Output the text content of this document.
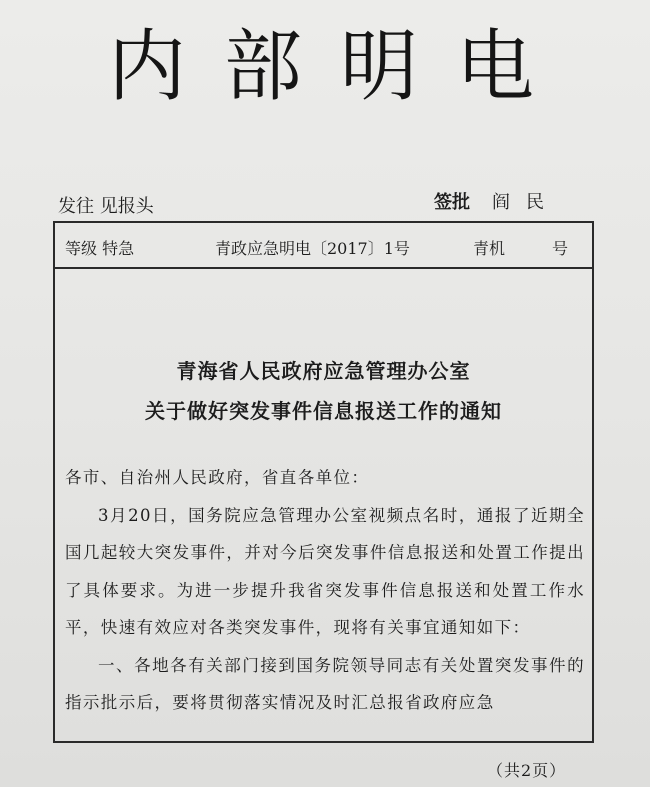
内部明电
发往 见报头	签批 阎民
等级 特急	青政应急明电〔2017〕1号	青机	号
青海省人民政府应急管理办公室
关于做好突发事件信息报送工作的通知

各市、自治州人民政府，省直各单位：

3月20日，国务院应急管理办公室视频点名时，通报了近期全国几起较大突发事件，并对今后突发事件信息报送和处置工作提出了具体要求。为进一步提升我省突发事件信息报送和处置工作水平，快速有效应对各类突发事件，现将有关事宜通知如下：

一、各地各有关部门接到国务院领导同志有关处置突发事件的指示批示后，要将贯彻落实情况及时汇总报省政府应急

（共2页）
